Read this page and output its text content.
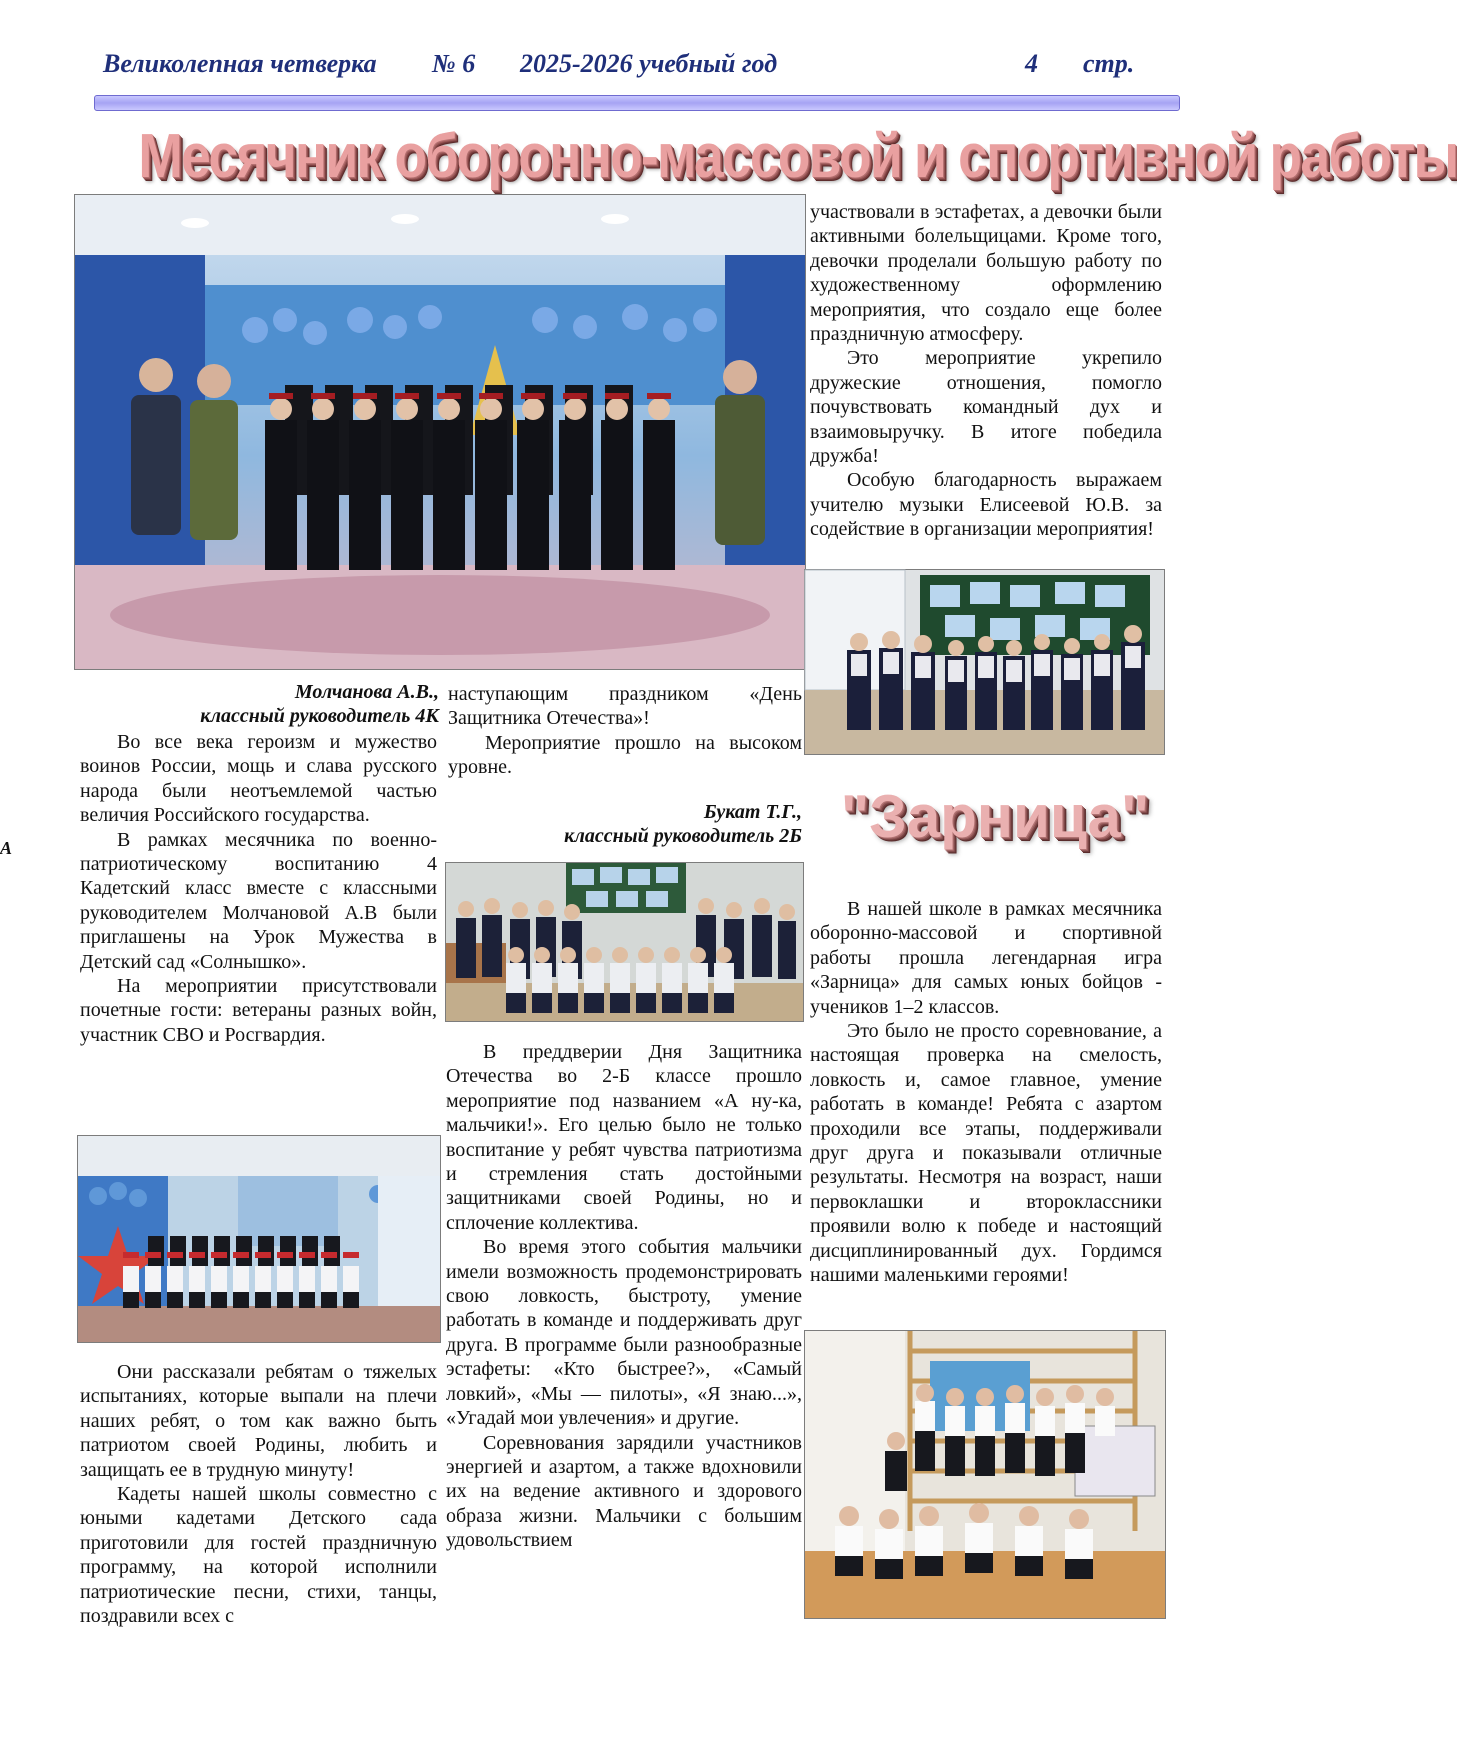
Великолепная четверка № 6 2025-2026 учебный год	4 стр.
Месячник оборонно-массовой и спортивной работы
А
Молчанова А.В.,
классный руководитель 4К

Во все века героизм и мужество воинов России, мощь и слава русского народа были неотъемлемой частью величия Российского государства.

В рамках месячника по военно-патриотическому воспитанию 4 Кадетский класс вместе с классными руководителем Молчановой А.В были приглашены на Урок Мужества в Детский сад «Солнышко».

На мероприятии присутствовали почетные гости: ветераны разных войн, участник СВО и Росгвардия.

Они рассказали ребятам о тяжелых испытаниях, которые выпали на плечи наших ребят, о том как важно быть патриотом своей Родины, любить и защищать ее в трудную минуту!

Кадеты нашей школы совместно с юными кадетами Детского сада приготовили для гостей праздничную программу, на которой исполнили патриотические песни, стихи, танцы, поздравили всех с

наступающим праздником «День Защитника Отечества»!

Мероприятие прошло на высоком уровне.

Букат Т.Г.,
классный руководитель 2Б

В преддверии Дня Защитника Отечества во 2-Б классе прошло мероприятие под названием «А ну-ка, мальчики!». Его целью было не только воспитание у ребят чувства патриотизма и стремления стать достойными защитниками своей Родины, но и сплочение коллектива.

Во время этого события мальчики имели возможность продемонстрировать свою ловкость, быстроту, умение работать в команде и поддерживать друг друга. В программе были разнообразные эстафеты: «Кто быстрее?», «Самый ловкий», «Мы — пилоты», «Я знаю...», «Угадай мои увлечения» и другие.

Соревнования зарядили участников энергией и азартом, а также вдохновили их на ведение активного и здорового образа жизни. Мальчики с большим удовольствием

участвовали в эстафетах, а девочки были активными болельщицами. Кроме того, девочки проделали большую работу по художественному оформлению мероприятия, что создало еще более праздничную атмосферу.

Это мероприятие укрепило дружеские отношения, помогло почувствовать командный дух и взаимовыручку. В итоге победила дружба!

Особую благодарность выражаем учителю музыки Елисеевой Ю.В. за содействие в организации мероприятия!

"Зарница"

В нашей школе в рамках месячника оборонно-массовой и спортивной работы прошла легендарная игра «Зарница» для самых юных бойцов - учеников 1–2 классов.

Это было не просто соревнование, а настоящая проверка на смелость, ловкость и, самое главное, умение работать в команде! Ребята с азартом проходили все этапы, поддерживали друг друга и показывали отличные результаты. Несмотря на возраст, наши первоклашки и второклассники проявили волю к победе и настоящий дисциплинированный дух. Гордимся нашими маленькими героями!
